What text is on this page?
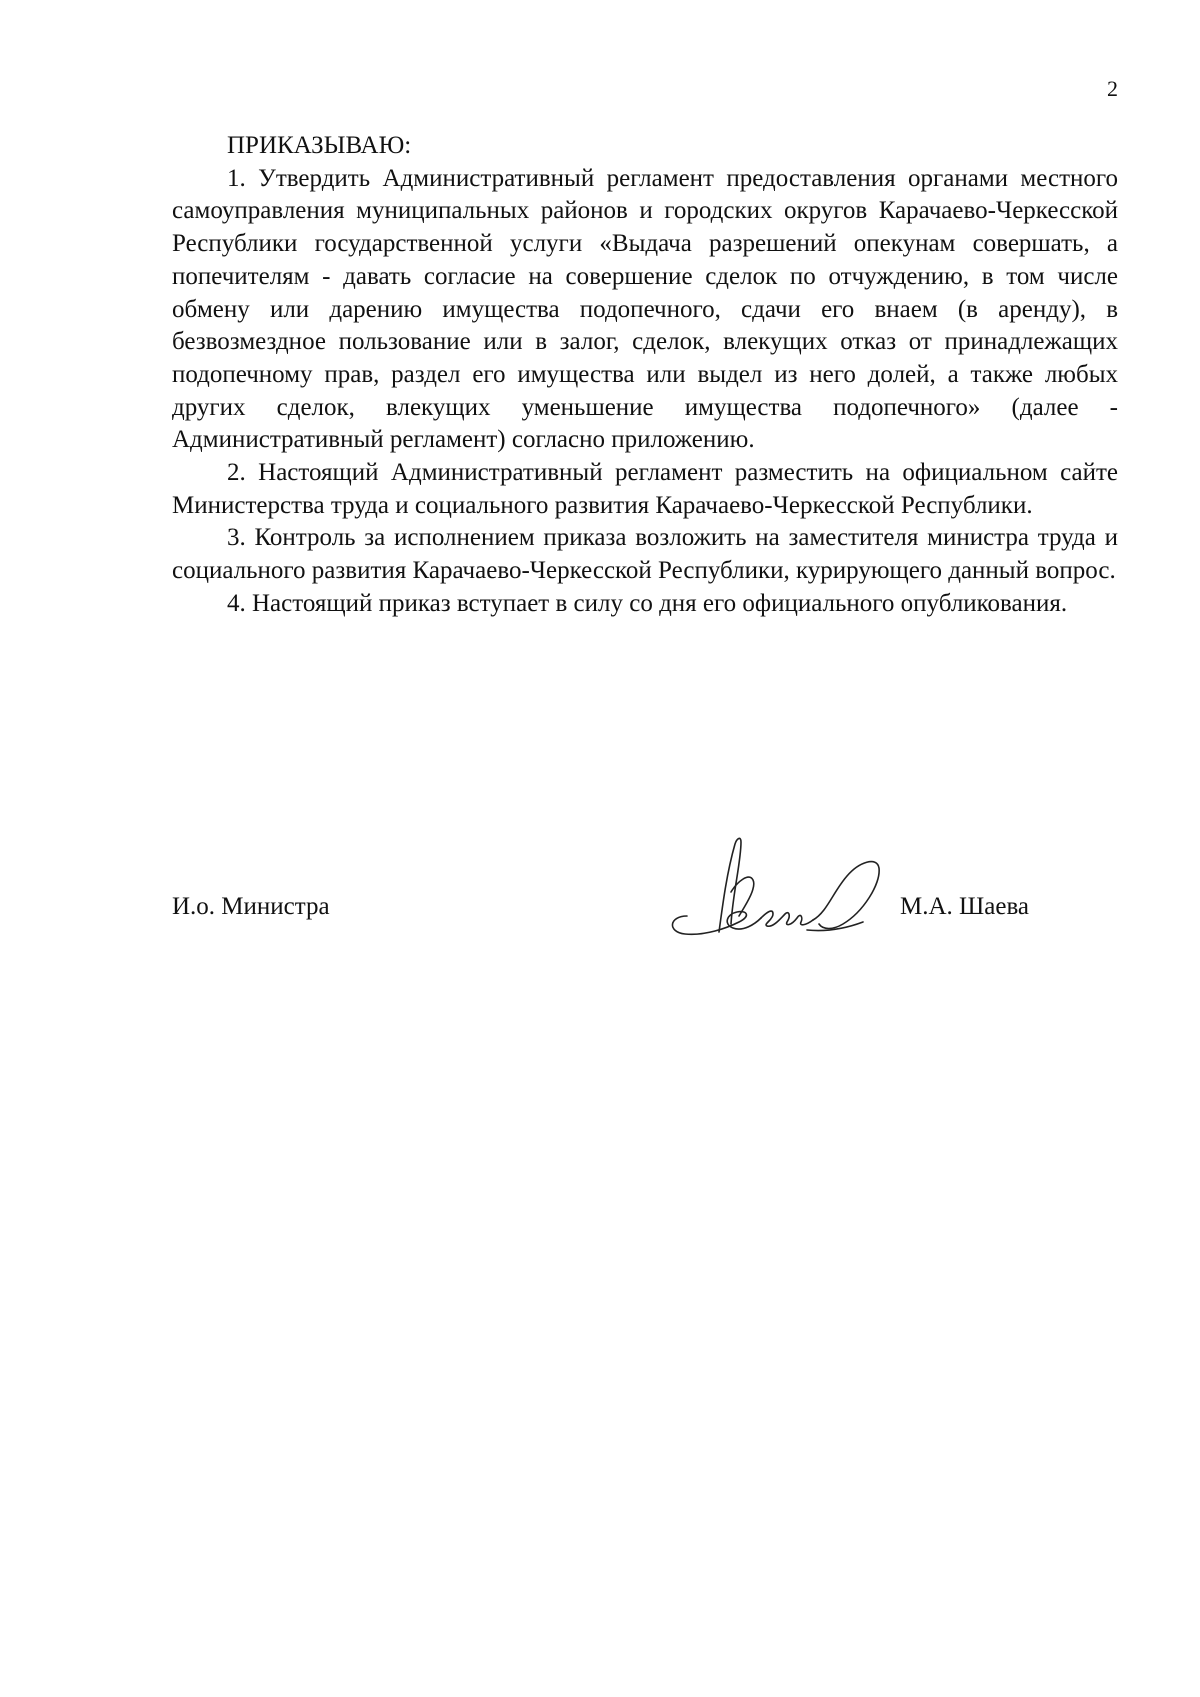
2

ПРИКАЗЫВАЮ:

1. Утвердить Административный регламент предоставления органами местного самоуправления муниципальных районов и городских округов Карачаево-Черкесской Республики государственной услуги «Выдача разрешений опекунам совершать, а попечителям - давать согласие на совершение сделок по отчуждению, в том числе обмену или дарению имущества подопечного, сдачи его внаем (в аренду), в безвозмездное пользование или в залог, сделок, влекущих отказ от принадлежащих подопечному прав, раздел его имущества или выдел из него долей, а также любых других сделок, влекущих уменьшение имущества подопечного» (далее - Административный регламент) согласно приложению.

2. Настоящий Административный регламент разместить на официальном сайте Министерства труда и социального развития Карачаево-Черкесской Республики.

3. Контроль за исполнением приказа возложить на заместителя министра труда и социального развития Карачаево-Черкесской Республики, курирующего данный вопрос.

4. Настоящий приказ вступает в силу со дня его официального опубликования.

И.о. Министра	М.А. Шаева
